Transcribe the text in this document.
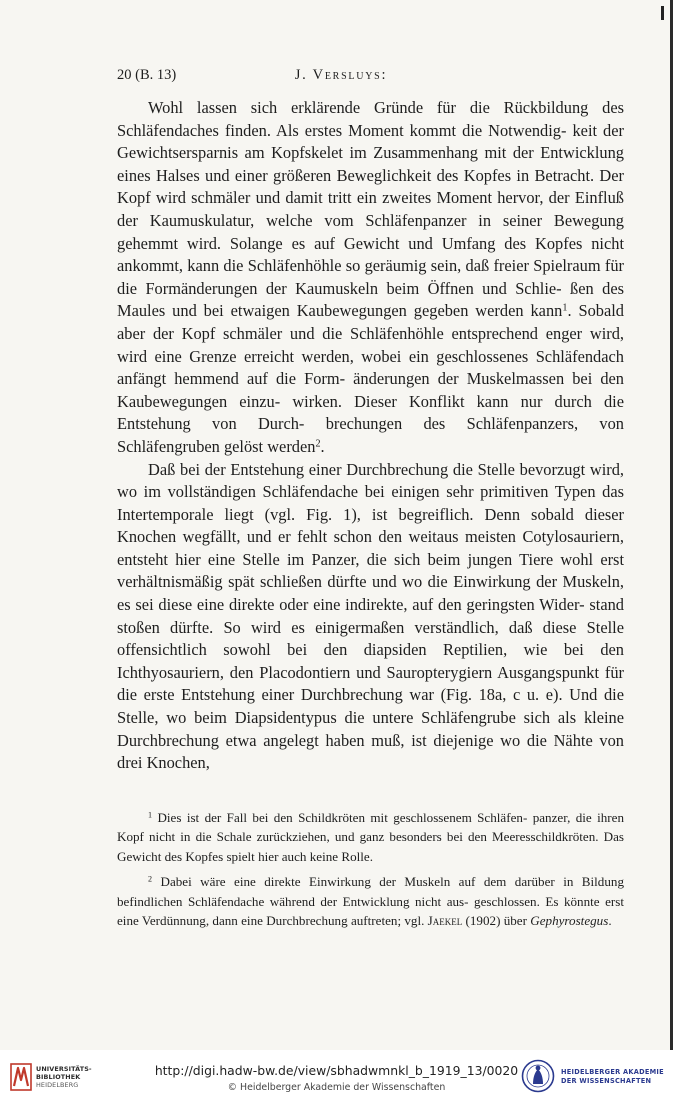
20 (B. 13)	J. Versluys:

Wohl lassen sich erklärende Gründe für die Rückbildung des Schläfendaches finden. Als erstes Moment kommt die Notwendig- keit der Gewichtsersparnis am Kopfskelet im Zusammenhang mit der Entwicklung eines Halses und einer größeren Beweglichkeit des Kopfes in Betracht. Der Kopf wird schmäler und damit tritt ein zweites Moment hervor, der Einfluß der Kaumuskulatur, welche vom Schläfenpanzer in seiner Bewegung gehemmt wird. Solange es auf Gewicht und Umfang des Kopfes nicht ankommt, kann die Schläfenhöhle so geräumig sein, daß freier Spielraum für die Formänderungen der Kaumuskeln beim Öffnen und Schlie- ßen des Maules und bei etwaigen Kaubewegungen gegeben werden kann$^1$. Sobald aber der Kopf schmäler und die Schläfenhöhle entsprechend enger wird, wird eine Grenze erreicht werden, wobei ein geschlossenes Schläfendach anfängt hemmend auf die Form- änderungen der Muskelmassen bei den Kaubewegungen einzu- wirken. Dieser Konflikt kann nur durch die Entstehung von Durch- brechungen des Schläfenpanzers, von Schläfengruben gelöst werden$^2$.

Daß bei der Entstehung einer Durchbrechung die Stelle bevorzugt wird, wo im vollständigen Schläfendache bei einigen sehr primitiven Typen das Intertemporale liegt (vgl. Fig. 1), ist begreiflich. Denn sobald dieser Knochen wegfällt, und er fehlt schon den weitaus meisten Cotylosauriern, entsteht hier eine Stelle im Panzer, die sich beim jungen Tiere wohl erst verhältnismäßig spät schließen dürfte und wo die Einwirkung der Muskeln, es sei diese eine direkte oder eine indirekte, auf den geringsten Wider- stand stoßen dürfte. So wird es einigermaßen verständlich, daß diese Stelle offensichtlich sowohl bei den diapsiden Reptilien, wie bei den Ichthyosauriern, den Placodontiern und Sauropterygiern Ausgangspunkt für die erste Entstehung einer Durchbrechung war (Fig. 18a, c u. e). Und die Stelle, wo beim Diapsidentypus die untere Schläfengrube sich als kleine Durchbrechung etwa angelegt haben muß, ist diejenige wo die Nähte von drei Knochen,

$^1$ Dies ist der Fall bei den Schildkröten mit geschlossenem Schläfen- panzer, die ihren Kopf nicht in die Schale zurückziehen, und ganz besonders bei den Meeresschildkröten. Das Gewicht des Kopfes spielt hier auch keine Rolle.

$^2$ Dabei wäre eine direkte Einwirkung der Muskeln auf dem darüber in Bildung befindlichen Schläfendache während der Entwicklung nicht aus- geschlossen. Es könnte erst eine Verdünnung, dann eine Durchbrechung auftreten; vgl. Jaekel (1902) über Gephyrostegus.

UNIVERSITÄTS-
BIBLIOTHEK
HEIDELBERG
http://digi.hadw-bw.de/view/sbhadwmnkl_b_1919_13/0020
© Heidelberger Akademie der Wissenschaften
HEIDELBERGER AKADEMIE
DER WISSENSCHAFTEN
